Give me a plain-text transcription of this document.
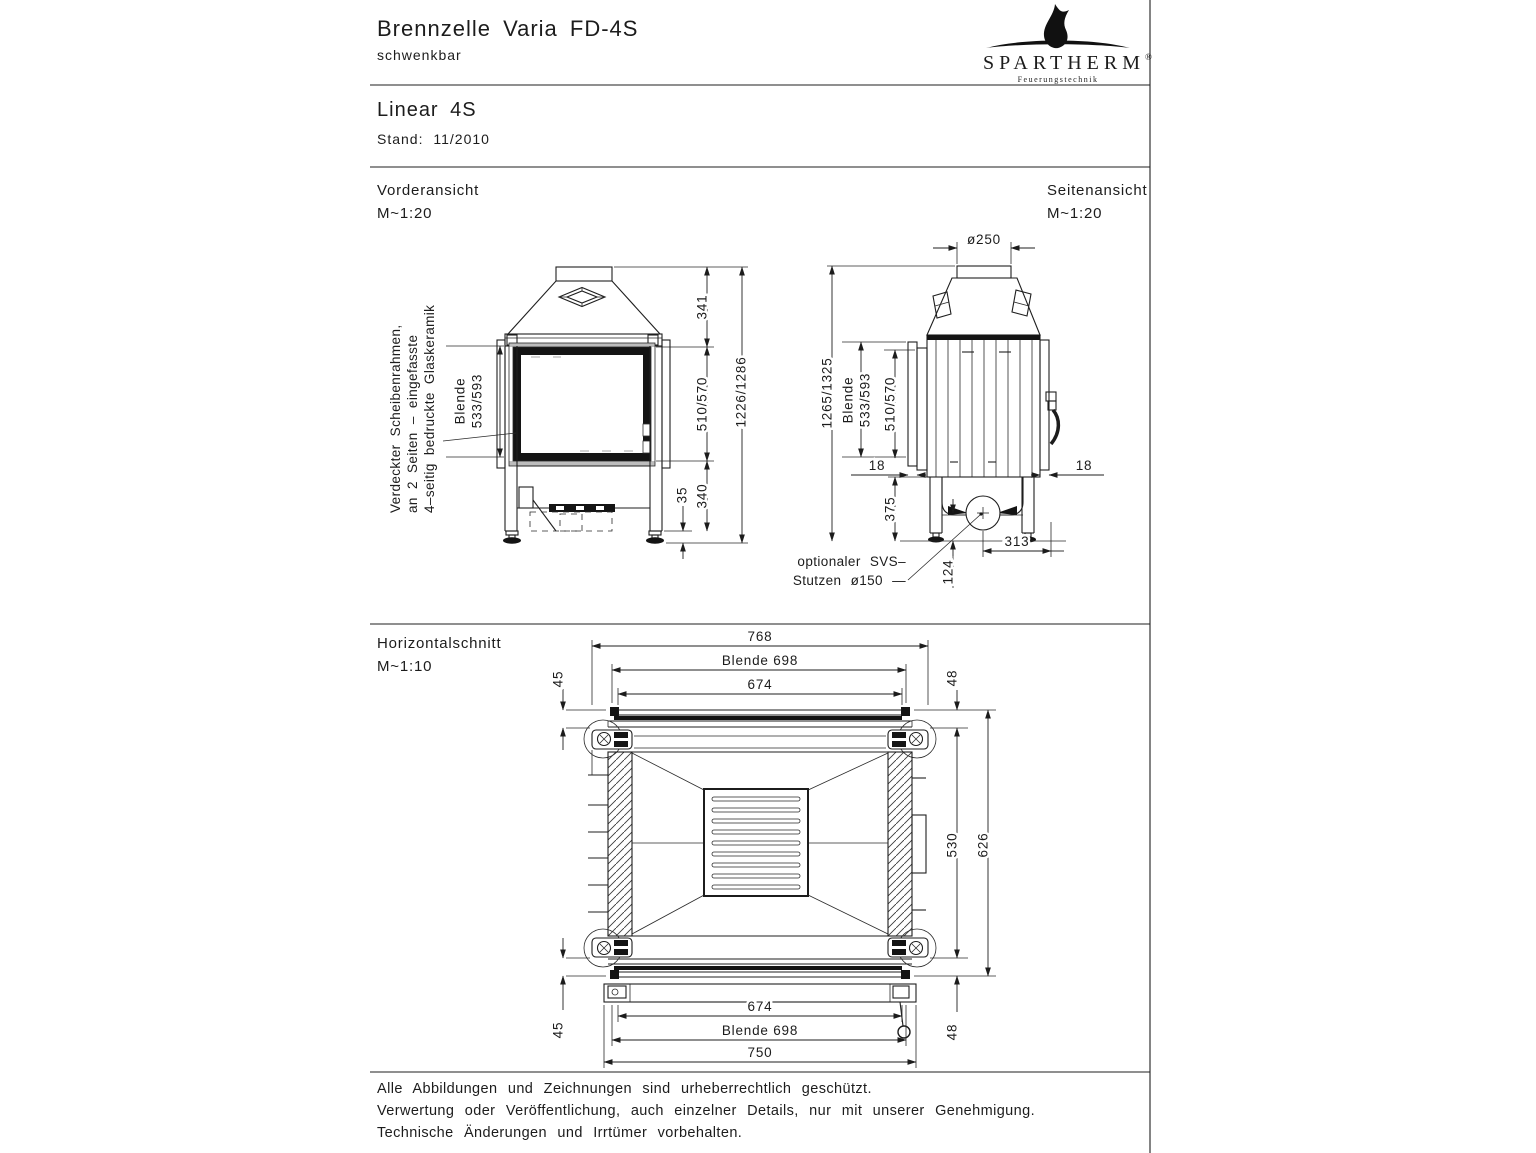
Brennzelle Varia FD-4S
schwenkbar
Linear 4S
Stand: 11/2010
SPARTHERM®
Feuerungstechnik
Vorderansicht
M~1:20
Seitenansicht
M~1:20
Horizontalschnitt
M~1:10
Verdeckter Scheibenrahmen, an 2 Seiten – eingefasste 4–seitig bedruckte Glaskeramik
optionaler SVS–
Stutzen ø150 —
Alle Abbildungen und Zeichnungen sind urheberrechtlich geschützt.
Verwertung oder Veröffentlichung, auch einzelner Details, nur mit unserer Genehmigung.
Technische Änderungen und Irrtümer vorbehalten.
341
510/570
340
35
1226/1286
Blende 533/593
ø250
1265/1325 Blende 533/593 510/570
375
18	18
313
124
768
Blende 698
674
45	48
530 626
48
45
674
Blende 698
750
